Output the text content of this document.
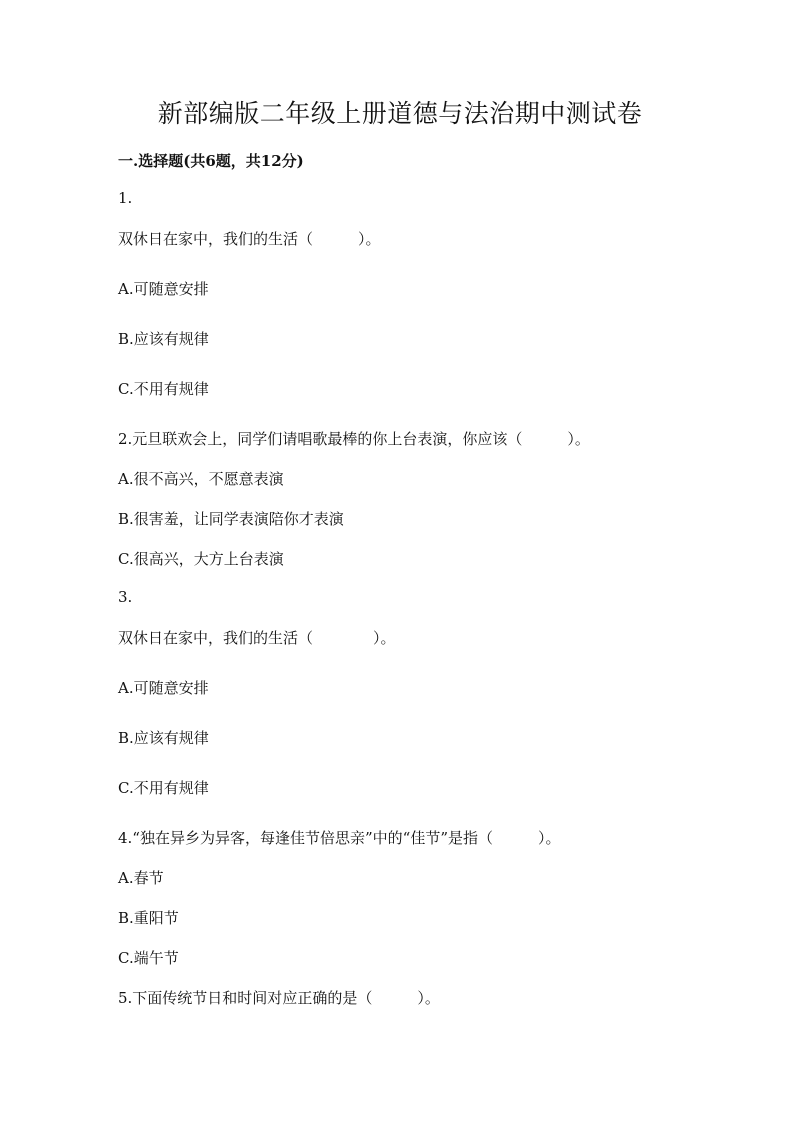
新部编版二年级上册道德与法治期中测试卷
一.选择题(共6题，共12分)
1.
双休日在家中，我们的生活（　　　）。
A.可随意安排
B.应该有规律
C.不用有规律
2.元旦联欢会上，同学们请唱歌最棒的你上台表演，你应该（　　　）。
A.很不高兴，不愿意表演
B.很害羞，让同学表演陪你才表演
C.很高兴，大方上台表演
3.
双休日在家中，我们的生活（　　　　）。
A.可随意安排
B.应该有规律
C.不用有规律
4.“独在异乡为异客，每逢佳节倍思亲”中的“佳节”是指（　　　）。
A.春节
B.重阳节
C.端午节
5.下面传统节日和时间对应正确的是（　　　）。
